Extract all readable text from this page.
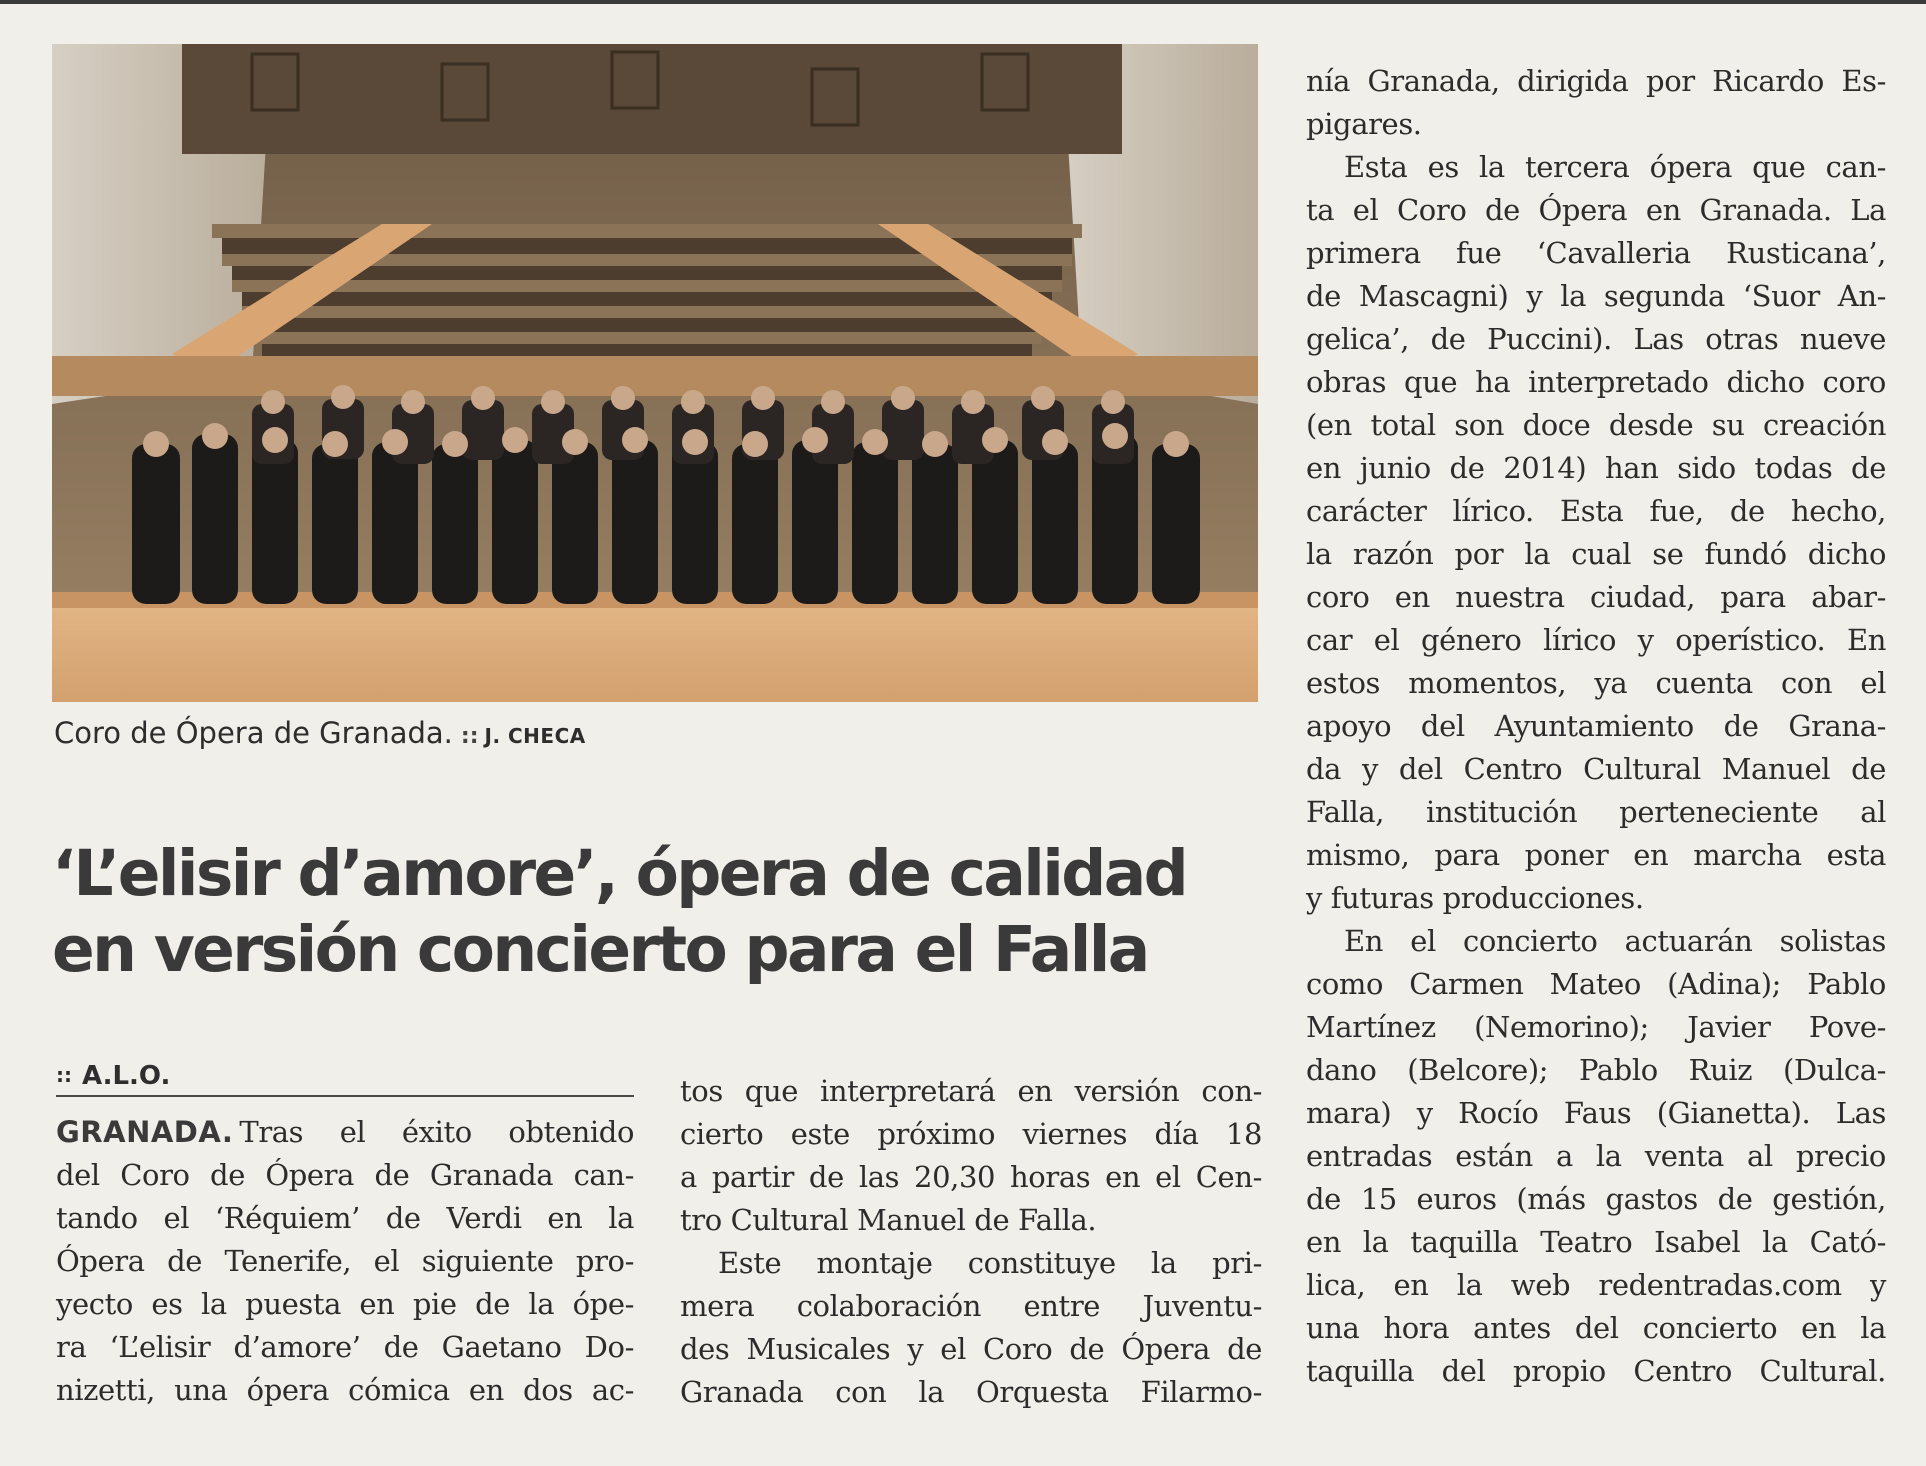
Coro de Ópera de Granada. :: J. CHECA
‘L’elisir d’amore’, ópera de calidad
en versión concierto para el Falla
:: A.L.O.
GRANADA. Tras el éxito obtenido
del Coro de Ópera de Granada can-
tando el ‘Réquiem’ de Verdi en la
Ópera de Tenerife, el siguiente pro-
yecto es la puesta en pie de la ópe-
ra ‘L’elisir d’amore’ de Gaetano Do-
nizetti, una ópera cómica en dos ac-
tos que interpretará en versión con-
cierto este próximo viernes día 18
a partir de las 20,30 horas en el Cen-
tro Cultural Manuel de Falla.
Este montaje constituye la pri-
mera colaboración entre Juventu-
des Musicales y el Coro de Ópera de
Granada con la Orquesta Filarmo-
nía Granada, dirigida por Ricardo Es-
pigares.
Esta es la tercera ópera que can-
ta el Coro de Ópera en Granada. La
primera fue ‘Cavalleria Rusticana’,
de Mascagni) y la segunda ‘Suor An-
gelica’, de Puccini). Las otras nueve
obras que ha interpretado dicho coro
(en total son doce desde su creación
en junio de 2014) han sido todas de
carácter lírico. Esta fue, de hecho,
la razón por la cual se fundó dicho
coro en nuestra ciudad, para abar-
car el género lírico y operístico. En
estos momentos, ya cuenta con el
apoyo del Ayuntamiento de Grana-
da y del Centro Cultural Manuel de
Falla, institución perteneciente al
mismo, para poner en marcha esta
y futuras producciones.
En el concierto actuarán solistas
como Carmen Mateo (Adina); Pablo
Martínez (Nemorino); Javier Pove-
dano (Belcore); Pablo Ruiz (Dulca-
mara) y Rocío Faus (Gianetta). Las
entradas están a la venta al precio
de 15 euros (más gastos de gestión,
en la taquilla Teatro Isabel la Cató-
lica, en la web redentradas.com y
una hora antes del concierto en la
taquilla del propio Centro Cultural.
